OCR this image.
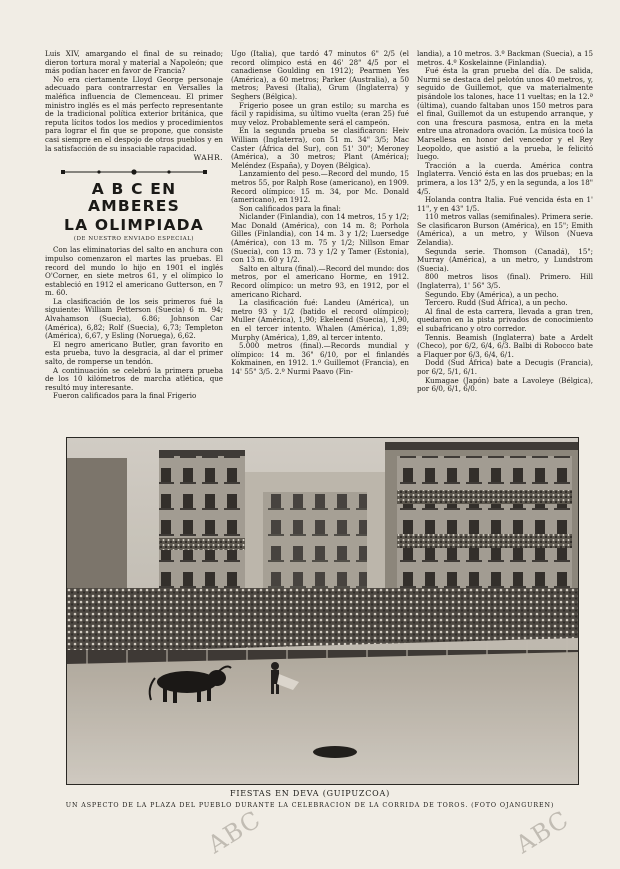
Luis XIV, amargando el final de su reinado; dieron tortura moral y material a Napoleón; que más podían hacer en favor de Francia?

No era ciertamente Lloyd George personaje adecuado para contrarrestar en Versalles la maléfica influencia de Clemenceau. El primer ministro inglés es el más perfecto representante de la tradicional política exterior británica, que reputa lícitos todos los medios y procedimientos para lograr el fin que se propone, que consiste casi siempre en el despojo de otros pueblos y en la satisfacción de su insaciable rapacidad.

WAHR.
A B C EN AMBERES
LA OLIMPIADA
(DE NUESTRO ENVIADO ESPECIAL)

Con las eliminatorias del salto en anchura con impulso comenzaron el martes las pruebas. El record del mundo lo hijo en 1901 el inglés O'Corner, en siete metros 61, y el olímpico lo estableció en 1912 el americano Gutterson, en 7 m. 60.

La clasificación de los seis primeros fué la siguiente: William Petterson (Suecia) 6 m. 94; Alvahamson (Suecia), 6.86; Johnson Car (América), 6,82; Rolf (Suecia), 6,73; Templeton (América), 6,67, y Esling (Noruega), 6,62.

El negro americano Butler, gran favorito en esta prueba, tuvo la desgracia, al dar el primer salto, de romperse un tendón.

A continuación se celebró la primera prueba de los 10 kilómetros de marcha atlética, que resultó muy interesante.

Fueron calificados para la final Frigerio

Ugo (Italia), que tardó 47 minutos 6" 2/5 (el record olímpico está en 46' 28" 4/5 por el canadiense Goulding en 1912); Pearmen Yes (América), a 60 metros; Parker (Australia), a 50 metros; Pavesi (Italia), Grum (Inglaterra) y Seghers (Bélgica).

Frigerio posee un gran estilo; su marcha es fácil y rapidísima, su último vuelta (eran 25) fué muy veloz. Probablemente será el campeón.

En la segunda prueba se clasificaron: Heiv William (Inglaterra), con 51 m. 34" 3/5; Mac Caster (África del Sur), con 51' 30"; Meroney (América), a 30 metros; Plant (América); Meléndez (España), y Doyen (Bélgica).

Lanzamiento del peso.—Record del mundo, 15 metros 55, por Ralph Rose (americano), en 1909. Record olímpico: 15 m. 34, por Mc. Donald (americano), en 1912.

Son calificados para la final:

Niclander (Finlandia), con 14 metros, 15 y 1/2; Mac Donald (América), con 14 m. 8; Porhola Gilles (Finlandia), con 14 m. 3 y 1/2; Luersedge (América), con 13 m. 75 y 1/2; Nillson Emar (Suecia), con 13 m. 73 y 1/2 y Tamer (Estonia), con 13 m. 60 y 1/2.

Salto en altura (final).—Record del mundo: dos metros, por el americano Horme, en 1912. Record olímpico: un metro 93, en 1912, por el americano Richard.

La clasificación fué: Landeu (América), un metro 93 y 1/2 (batido el record olímpico); Muller (América), 1,90; Ekeleend (Suecia), 1,90, en el tercer intento. Whalen (América), 1,89; Murphy (América), 1,89, al tercer intento.

5.000 metros (final).—Records mundial y olímpico: 14 m. 36" 6/10, por el finlandés Kokmainen, en 1912. 1.º Guillemot (Francia), en 14' 55" 3/5. 2.º Nurmi Paavo (Fin-

landia), a 10 metros. 3.º Backman (Suecia), a 15 metros. 4.º Koskelainne (Finlandia).

Fué ésta la gran prueba del día. De salida, Nurmi se destaca del pelotón unos 40 metros, y, seguido de Guillemot, que va materialmente pisándole los talones, hace 11 vueltas; en la 12.ª (última), cuando faltaban unos 150 metros para el final, Guillemot da un estupendo arranque, y con una frescura pasmosa, entra en la meta entre una atronadora ovación. La música tocó la Marsellesa en honor del vencedor y el Rey Leopoldo, que asistió a la prueba, le felicitó luego.

Tracción a la cuerda. América contra Inglaterra. Venció ésta en las dos pruebas; en la primera, a los 13" 2/5, y en la segunda, a los 18" 4/5.

Holanda contra Italia. Fué vencida ésta en 1' 11", y en 43" 1/5.

110 metros vallas (semifinales). Primera serie. Se clasificaron Burson (América), en 15"; Emith (América), a un metro, y Wilson (Nueva Zelandia).

Segunda serie. Thomson (Canadá), 15"; Murray (América), a un metro, y Lundstrom (Suecia).

800 metros lisos (final). Primero. Hill (Inglaterra), 1' 56" 3/5.

Segundo. Eby (América), a un pecho.

Tercero. Rudd (Sud África), a un pecho.

Al final de esta carrera, llevada a gran tren, quedaron en la pista privados de conocimiento el subafricano y otro corredor.

Tennis. Beamish (Inglaterra) bate a Ardelt (Checo), por 6/2, 6/4, 6/3. Balbi di Robocco bate a Flaquer por 6/3, 6/4, 6/1.

Dodd (Sud África) bate a Decugis (Francia), por 6/2, 5/1, 6/1.

Kumagae (Japón) bate a Lavoleye (Bélgica), por 6/0, 6/1, 6/0.

FIESTAS EN DEVA (GUIPUZCOA)
UN ASPECTO DE LA PLAZA DEL PUEBLO DURANTE LA CELEBRACION DE LA CORRIDA DE TOROS. (FOTO OJANGUREN)
ABC	ABC
